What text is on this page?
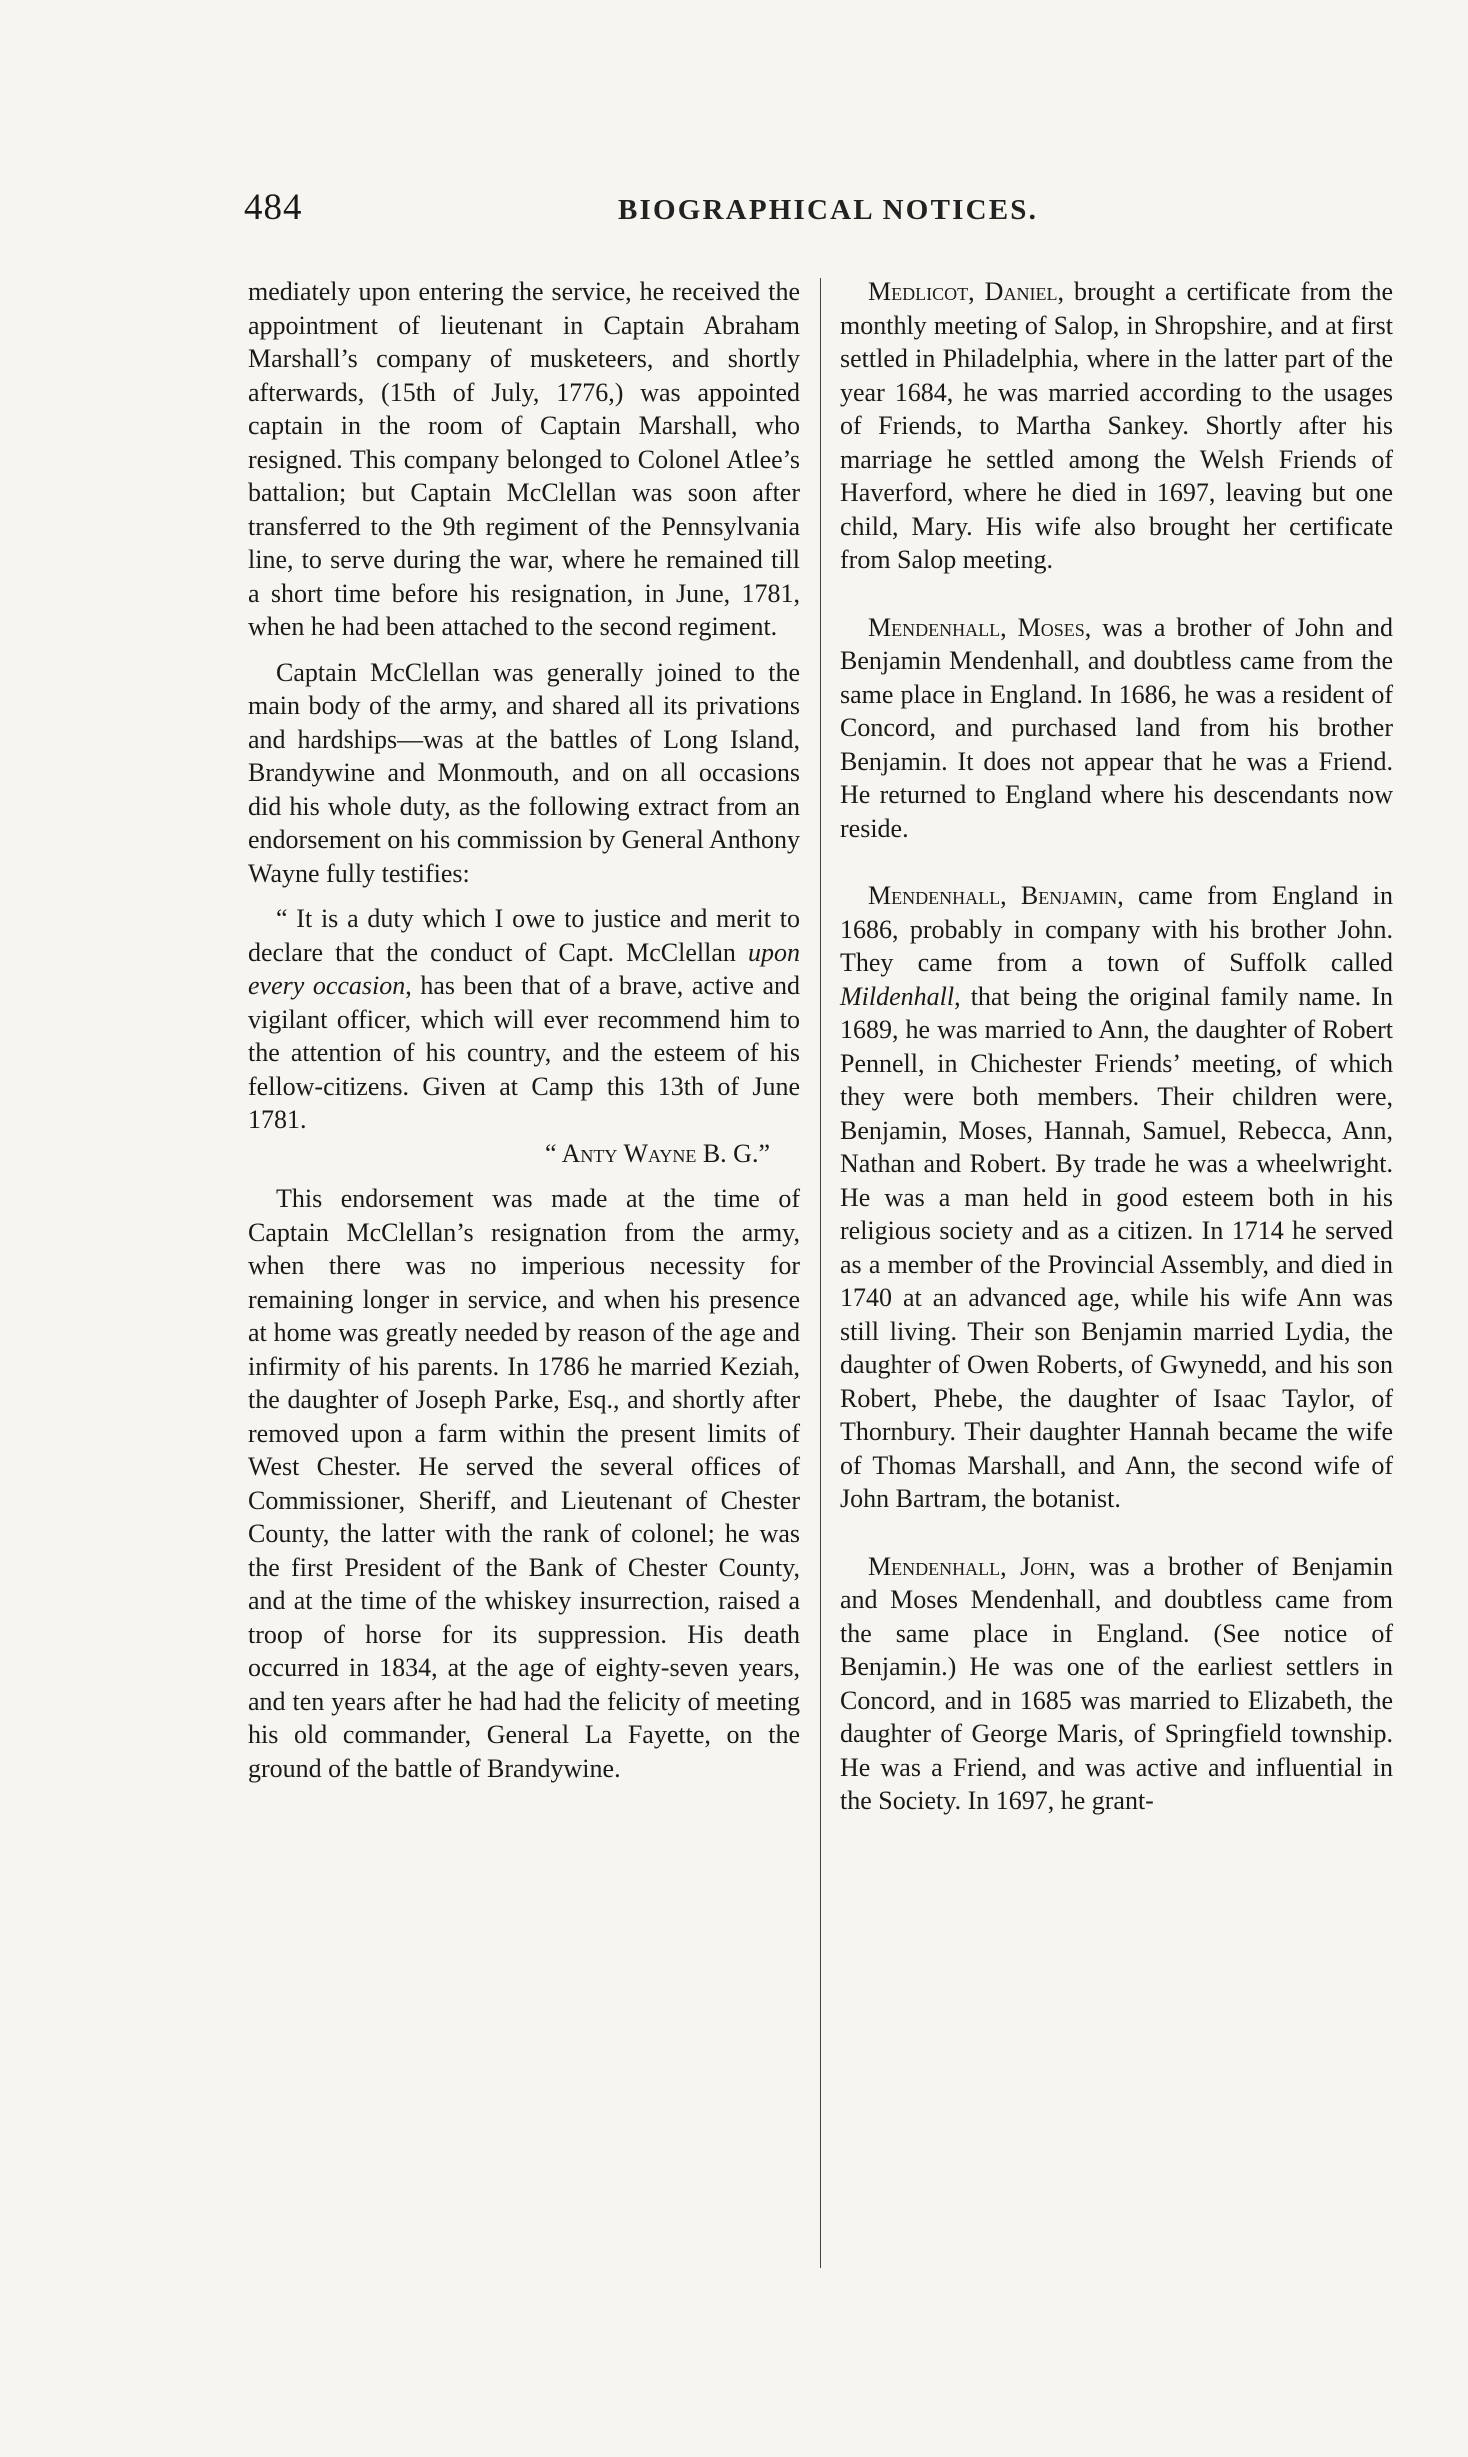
484	BIOGRAPHICAL NOTICES.

mediately upon entering the service, he received the appointment of lieutenant in Captain Abraham Marshall’s company of musketeers, and shortly afterwards, (15th of July, 1776,) was appointed captain in the room of Captain Marshall, who resigned. This company belonged to Colonel Atlee’s battalion; but Captain McClellan was soon after transferred to the 9th regiment of the Pennsylvania line, to serve during the war, where he remained till a short time before his resignation, in June, 1781, when he had been attached to the second regiment.

Captain McClellan was generally joined to the main body of the army, and shared all its privations and hardships—was at the battles of Long Island, Brandywine and Monmouth, and on all occasions did his whole duty, as the following extract from an endorsement on his commission by General Anthony Wayne fully testifies:

“ It is a duty which I owe to justice and merit to declare that the conduct of Capt. McClellan upon every occasion, has been that of a brave, active and vigilant officer, which will ever recommend him to the attention of his country, and the esteem of his fellow-citizens. Given at Camp this 13th of June 1781.

“ Anty Wayne B. G.”

This endorsement was made at the time of Captain McClellan’s resignation from the army, when there was no imperious necessity for remaining longer in service, and when his presence at home was greatly needed by reason of the age and infirmity of his parents. In 1786 he married Keziah, the daughter of Joseph Parke, Esq., and shortly after removed upon a farm within the present limits of West Chester. He served the several offices of Commissioner, Sheriff, and Lieutenant of Chester County, the latter with the rank of colonel; he was the first President of the Bank of Chester County, and at the time of the whiskey insurrection, raised a troop of horse for its suppression. His death occurred in 1834, at the age of eighty-seven years, and ten years after he had had the felicity of meeting his old commander, General La Fayette, on the ground of the battle of Brandywine.

Medlicot, Daniel, brought a certificate from the monthly meeting of Salop, in Shropshire, and at first settled in Philadelphia, where in the latter part of the year 1684, he was married according to the usages of Friends, to Martha Sankey. Shortly after his marriage he settled among the Welsh Friends of Haverford, where he died in 1697, leaving but one child, Mary. His wife also brought her certificate from Salop meeting.

Mendenhall, Moses, was a brother of John and Benjamin Mendenhall, and doubtless came from the same place in England. In 1686, he was a resident of Concord, and purchased land from his brother Benjamin. It does not appear that he was a Friend. He returned to England where his descendants now reside.

Mendenhall, Benjamin, came from England in 1686, probably in company with his brother John. They came from a town of Suffolk called Mildenhall, that being the original family name. In 1689, he was married to Ann, the daughter of Robert Pennell, in Chichester Friends’ meeting, of which they were both members. Their children were, Benjamin, Moses, Hannah, Samuel, Rebecca, Ann, Nathan and Robert. By trade he was a wheelwright. He was a man held in good esteem both in his religious society and as a citizen. In 1714 he served as a member of the Provincial Assembly, and died in 1740 at an advanced age, while his wife Ann was still living. Their son Benjamin married Lydia, the daughter of Owen Roberts, of Gwynedd, and his son Robert, Phebe, the daughter of Isaac Taylor, of Thornbury. Their daughter Hannah became the wife of Thomas Marshall, and Ann, the second wife of John Bartram, the botanist.

Mendenhall, John, was a brother of Benjamin and Moses Mendenhall, and doubtless came from the same place in England. (See notice of Benjamin.) He was one of the earliest settlers in Concord, and in 1685 was married to Elizabeth, the daughter of George Maris, of Springfield township. He was a Friend, and was active and influential in the Society. In 1697, he grant-
